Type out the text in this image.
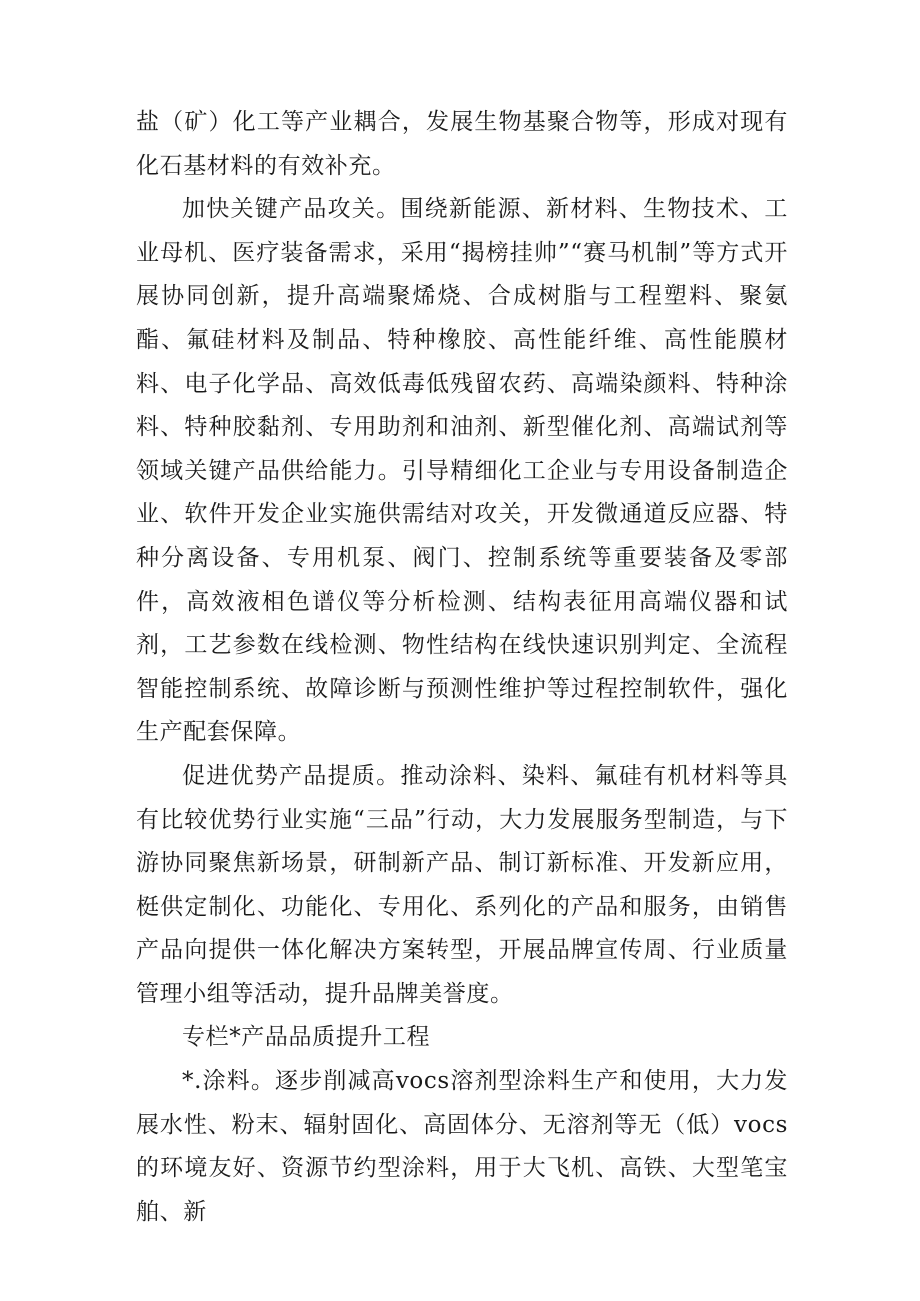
盐（矿）化工等产业耦合，发展生物基聚合物等，形成对现有化石基材料的有效补充。

加快关键产品攻关。围绕新能源、新材料、生物技术、工业母机、医疗装备需求，采用“揭榜挂帅”“赛马机制”等方式开展协同创新，提升高端聚烯烧、合成树脂与工程塑料、聚氨酯、氟硅材料及制品、特种橡胶、高性能纤维、高性能膜材料、电子化学品、高效低毒低残留农药、高端染颜料、特种涂料、特种胶黏剂、专用助剂和油剂、新型催化剂、高端试剂等领域关键产品供给能力。引导精细化工企业与专用设备制造企业、软件开发企业实施供需结对攻关，开发微通道反应器、特种分离设备、专用机泵、阀门、控制系统等重要装备及零部件，高效液相色谱仪等分析检测、结构表征用高端仪器和试剂，工艺参数在线检测、物性结构在线快速识别判定、全流程智能控制系统、故障诊断与预测性维护等过程控制软件，强化生产配套保障。

促进优势产品提质。推动涂料、染料、氟硅有机材料等具有比较优势行业实施“三品”行动，大力发展服务型制造，与下游协同聚焦新场景，研制新产品、制订新标准、开发新应用，梃供定制化、功能化、专用化、系列化的产品和服务，由销售产品向提供一体化解决方案转型，开展品牌宣传周、行业质量管理小组等活动，提升品牌美誉度。

专栏*产品品质提升工程

*.涂料。逐步削减高vocs溶剂型涂料生产和使用，大力发展水性、粉末、辐射固化、高固体分、无溶剂等无（低）vocs的环境友好、资源节约型涂料，用于大飞机、高铁、大型笔宝舶、新
